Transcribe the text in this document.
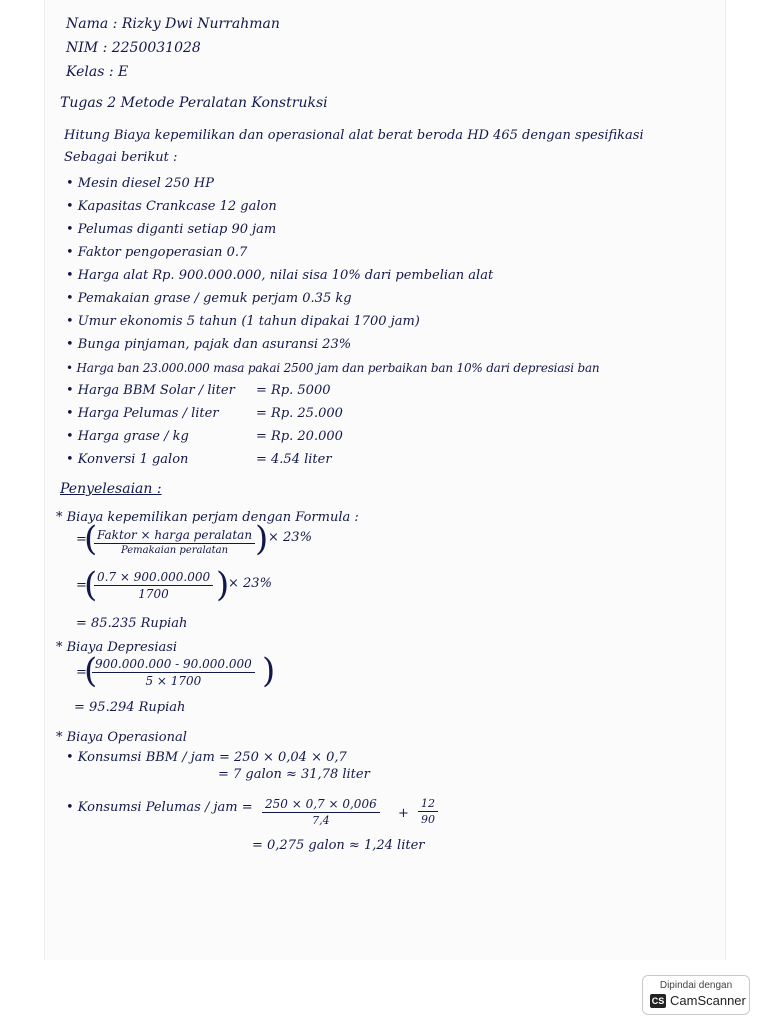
Nama : Rizky Dwi Nurrahman

NIM : 2250031028

Kelas : E

Tugas 2 Metode Peralatan Konstruksi

Hitung Biaya kepemilikan dan operasional alat berat beroda HD 465 dengan spesifikasi

Sebagai berikut :

• Mesin diesel 250 HP

• Kapasitas Crankcase 12 galon

• Pelumas diganti setiap 90 jam

• Faktor pengoperasian 0.7

• Harga alat Rp. 900.000.000, nilai sisa 10% dari pembelian alat

• Pemakaian grase / gemuk perjam 0.35 kg

• Umur ekonomis 5 tahun (1 tahun dipakai 1700 jam)

• Bunga pinjaman, pajak dan asuransi 23%

• Harga ban 23.000.000 masa pakai 2500 jam dan perbaikan ban 10% dari depresiasi ban

• Harga BBM Solar / liter = Rp. 5000

• Harga Pelumas / liter	= Rp. 25.000

• Harga grase / kg	= Rp. 20.000

• Konversi 1 galon	= 4.54 liter

Penyelesaian :

* Biaya kepemilikan perjam dengan Formula :

=

( Faktor × harga peralatan
Pemakaian peralatan ) × 23%

=

(
$\frac{0.7 \times 900.000.000}{1700}$ )

× 23%

= 85.235 Rupiah

* Biaya Depresiasi

=

(
$\frac{900.000.000 - 90.000.000}{5 \times 1700}$ )

= 95.294 Rupiah

* Biaya Operasional

• Konsumsi BBM / jam = 250 × 0,04 × 0,7

= 7 galon ≈ 31,78 liter

• Konsumsi Pelumas / jam = $\frac{250 \times 0,7 \times 0,006}{7,4} + \frac{12}{90}$

= 0,275 galon ≈ 1,24 liter

Dipindai dengan
CS CamScanner
